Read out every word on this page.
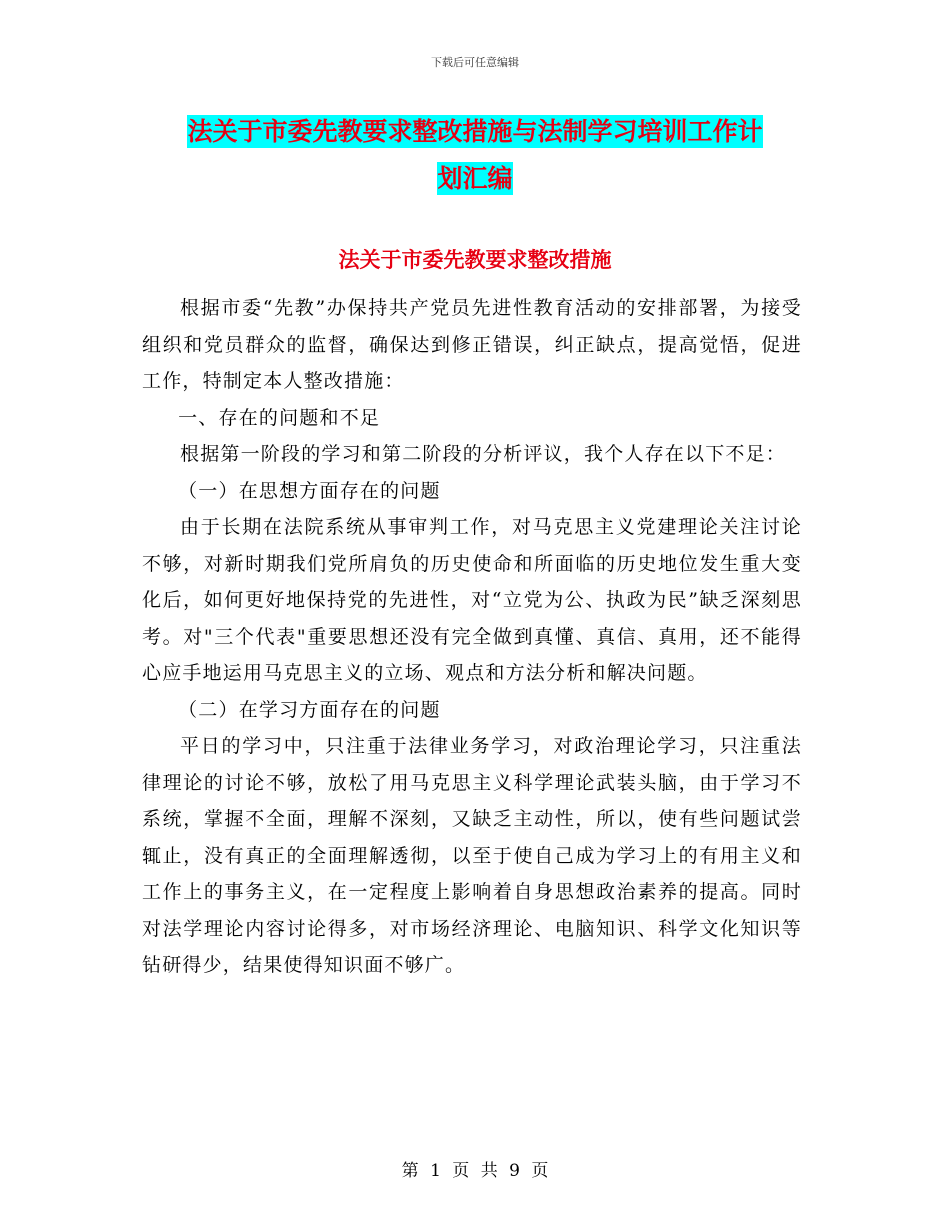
下载后可任意编辑
法关于市委先教要求整改措施与法制学习培训工作计
划汇编
法关于市委先教要求整改措施

根据市委“先教”办保持共产党员先进性教育活动的安排部署，为接受组织和党员群众的监督，确保达到修正错误，纠正缺点，提高觉悟，促进工作，特制定本人整改措施：

一、存在的问题和不足

根据第一阶段的学习和第二阶段的分析评议，我个人存在以下不足：

（一）在思想方面存在的问题

由于长期在法院系统从事审判工作，对马克思主义党建理论关注讨论不够，对新时期我们党所肩负的历史使命和所面临的历史地位发生重大变化后，如何更好地保持党的先进性，对“立党为公、执政为民”缺乏深刻思考。对"三个代表"重要思想还没有完全做到真懂、真信、真用，还不能得心应手地运用马克思主义的立场、观点和方法分析和解决问题。

（二）在学习方面存在的问题

平日的学习中，只注重于法律业务学习，对政治理论学习，只注重法律理论的讨论不够，放松了用马克思主义科学理论武装头脑，由于学习不系统，掌握不全面，理解不深刻，又缺乏主动性，所以，使有些问题试尝辄止，没有真正的全面理解透彻，以至于使自己成为学习上的有用主义和工作上的事务主义，在一定程度上影响着自身思想政治素养的提高。同时对法学理论内容讨论得多，对市场经济理论、电脑知识、科学文化知识等钻研得少，结果使得知识面不够广。

第 1 页 共 9 页
